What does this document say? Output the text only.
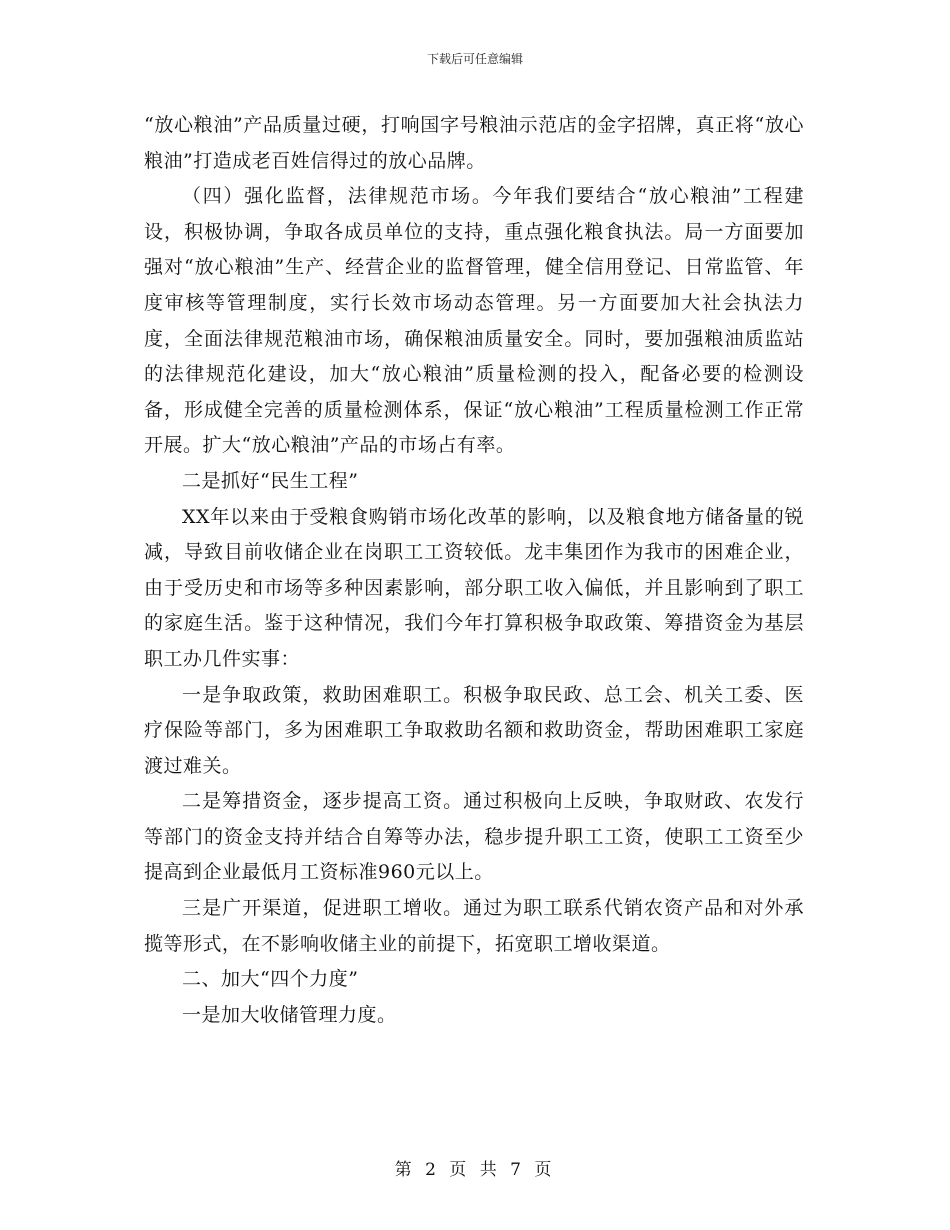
下载后可任意编辑

“放心粮油”产品质量过硬，打响国字号粮油示范店的金字招牌，真正将“放心粮油”打造成老百姓信得过的放心品牌。

（四）强化监督，法律规范市场。今年我们要结合“放心粮油”工程建设，积极协调，争取各成员单位的支持，重点强化粮食执法。局一方面要加强对“放心粮油”生产、经营企业的监督管理，健全信用登记、日常监管、年度审核等管理制度，实行长效市场动态管理。另一方面要加大社会执法力度，全面法律规范粮油市场，确保粮油质量安全。同时，要加强粮油质监站的法律规范化建设，加大“放心粮油”质量检测的投入，配备必要的检测设备，形成健全完善的质量检测体系，保证“放心粮油”工程质量检测工作正常开展。扩大“放心粮油”产品的市场占有率。

二是抓好“民生工程”

XX年以来由于受粮食购销市场化改革的影响，以及粮食地方储备量的锐减，导致目前收储企业在岗职工工资较低。龙丰集团作为我市的困难企业，由于受历史和市场等多种因素影响，部分职工收入偏低，并且影响到了职工的家庭生活。鉴于这种情况，我们今年打算积极争取政策、筹措资金为基层职工办几件实事：

一是争取政策，救助困难职工。积极争取民政、总工会、机关工委、医疗保险等部门，多为困难职工争取救助名额和救助资金，帮助困难职工家庭渡过难关。

二是筹措资金，逐步提高工资。通过积极向上反映，争取财政、农发行等部门的资金支持并结合自筹等办法，稳步提升职工工资，使职工工资至少提高到企业最低月工资标准960元以上。

三是广开渠道，促进职工增收。通过为职工联系代销农资产品和对外承揽等形式，在不影响收储主业的前提下，拓宽职工增收渠道。

二、加大“四个力度”

一是加大收储管理力度。

第 2 页 共 7 页
